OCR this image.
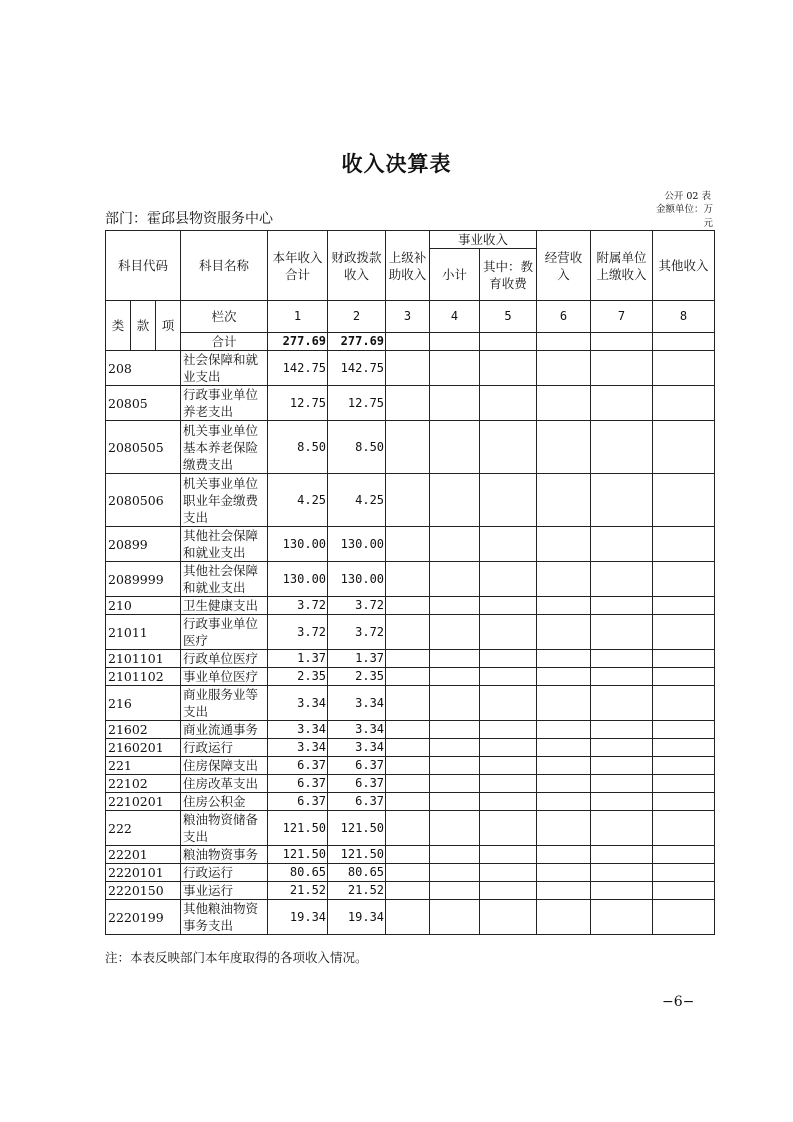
收入决算表
公开 02 表
金额单位：万
元
部门：霍邱县物资服务中心
科目代码			科目名称	本年收入合计	财政拨款收入	上级补助收入	事业收入		经营收入	附属单位上缴收入	其他收入
							小计	其中：教育收费			
类	款	项	栏次	1	2	3	4	5	6	7	8
			合计	277.69	277.69						
208			社会保障和就业支出	142.75	142.75						
20805			行政事业单位养老支出	12.75	12.75						
2080505			机关事业单位基本养老保险缴费支出	8.50	8.50						
2080506			机关事业单位职业年金缴费支出	4.25	4.25						
20899			其他社会保障和就业支出	130.00	130.00						
2089999			其他社会保障和就业支出	130.00	130.00						
210			卫生健康支出	3.72	3.72						
21011			行政事业单位医疗	3.72	3.72						
2101101			行政单位医疗	1.37	1.37						
2101102			事业单位医疗	2.35	2.35						
216			商业服务业等支出	3.34	3.34						
21602			商业流通事务	3.34	3.34						
2160201			行政运行	3.34	3.34						
221			住房保障支出	6.37	6.37						
22102			住房改革支出	6.37	6.37						
2210201			住房公积金	6.37	6.37						
222			粮油物资储备支出	121.50	121.50						
22201			粮油物资事务	121.50	121.50						
2220101			行政运行	80.65	80.65						
2220150			事业运行	21.52	21.52						
2220199			其他粮油物资事务支出	19.34	19.34						
注：本表反映部门本年度取得的各项收入情况。
−6−
